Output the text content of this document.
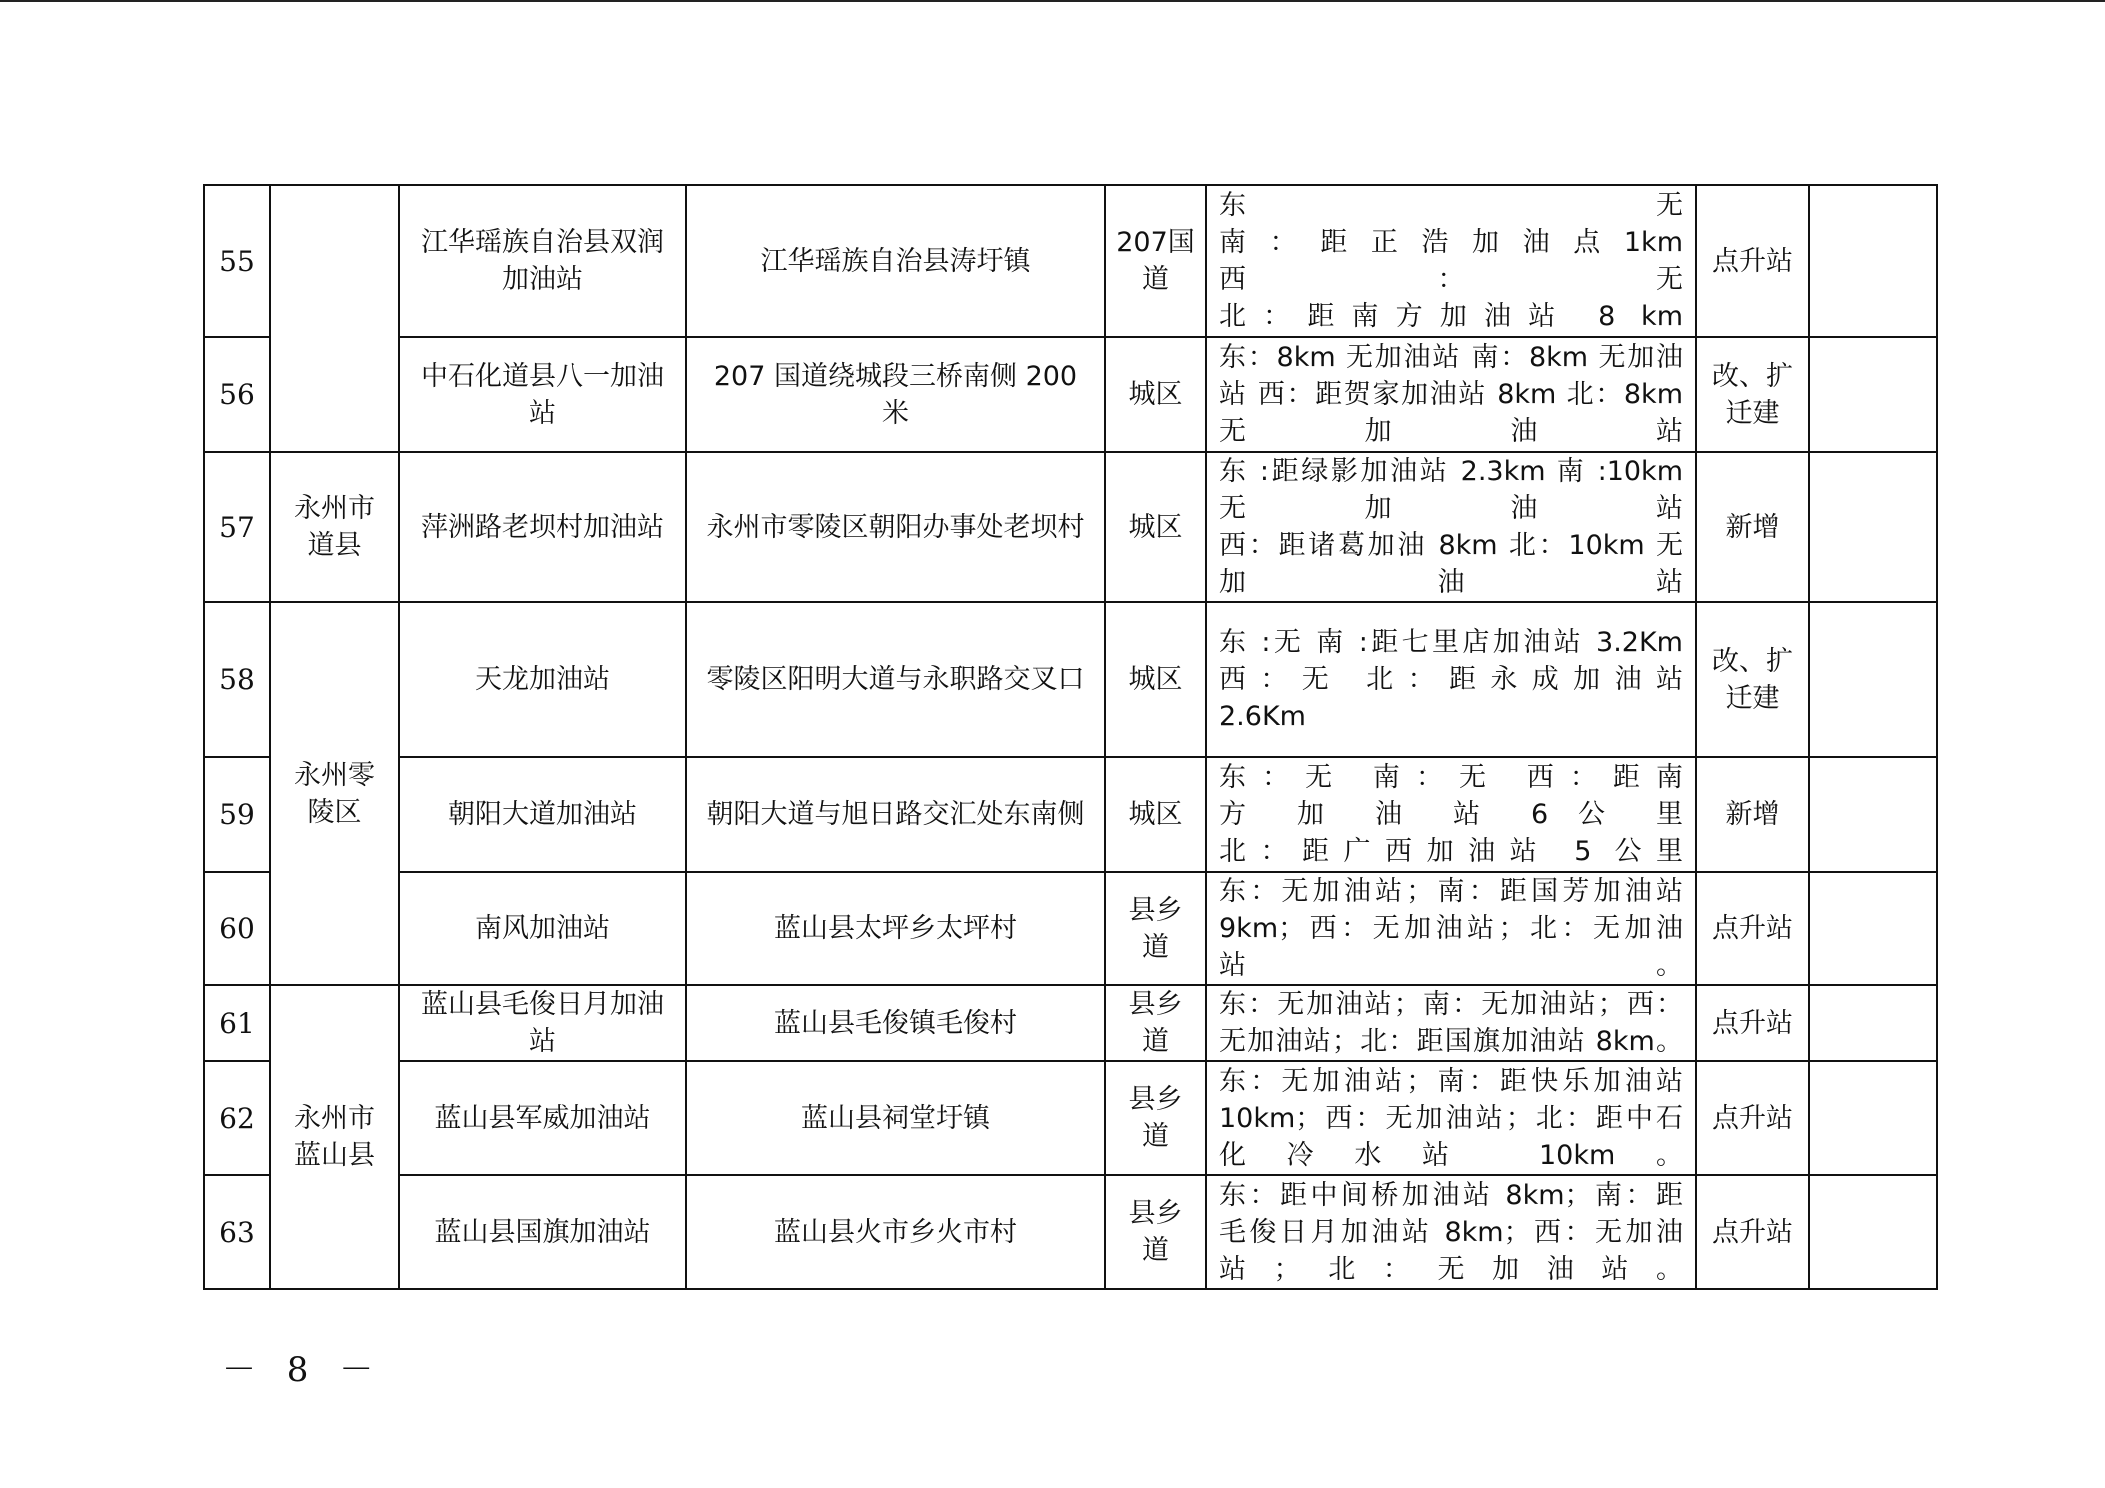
55		江华瑶族自治县双润加油站	江华瑶族自治县涛圩镇	207国道	东 无
南 ： 距 正 浩 加 油 点 1km
西 ： 无
北：距南方加油站 8 km	点升站	
56		中石化道县八一加油站	207 国道绕城段三桥南侧 200 米	城区	东：8km 无加油站 南：8km 无加油
站 西：距贺家加油站 8km 北：8km
无加油站	改、扩迁建	
57	永州市道县	萍洲路老坝村加油站	永州市零陵区朝阳办事处老坝村	城区	东 :距绿影加油站 2.3km 南 :10km
无 加 油 站
西：距诸葛加油 8km 北：10km 无
加油站	新增	
58	永州零陵区	天龙加油站	零陵区阳明大道与永职路交叉口	城区	东 :无 南 :距七里店加油站 3.2Km
西：无 北：距永成加油站
2.6Km	改、扩迁建	
59		朝阳大道加油站	朝阳大道与旭日路交汇处东南侧	城区	东：无 南：无 西：距南
方 加 油 站 6 公 里
北：距广西加油站 5 公里	新增	
60		南风加油站	蓝山县太坪乡太坪村	县乡道	东：无加油站；南：距国芳加油站
9km；西：无加油站；北：无加油站。	点升站	
61	永州市蓝山县	蓝山县毛俊日月加油站	蓝山县毛俊镇毛俊村	县乡道	东：无加油站；南：无加油站；西：
无加油站；北：距国旗加油站 8km。	点升站	
62		蓝山县军威加油站	蓝山县祠堂圩镇	县乡道	东：无加油站；南：距快乐加油站
10km；西：无加油站；北：距中石
化冷水站 10km。	点升站	
63		蓝山县国旗加油站	蓝山县火市乡火市村	县乡道	东：距中间桥加油站 8km；南：距
毛俊日月加油站 8km；西：无加油
站；北：无加油站。	点升站	
－ 8 －
